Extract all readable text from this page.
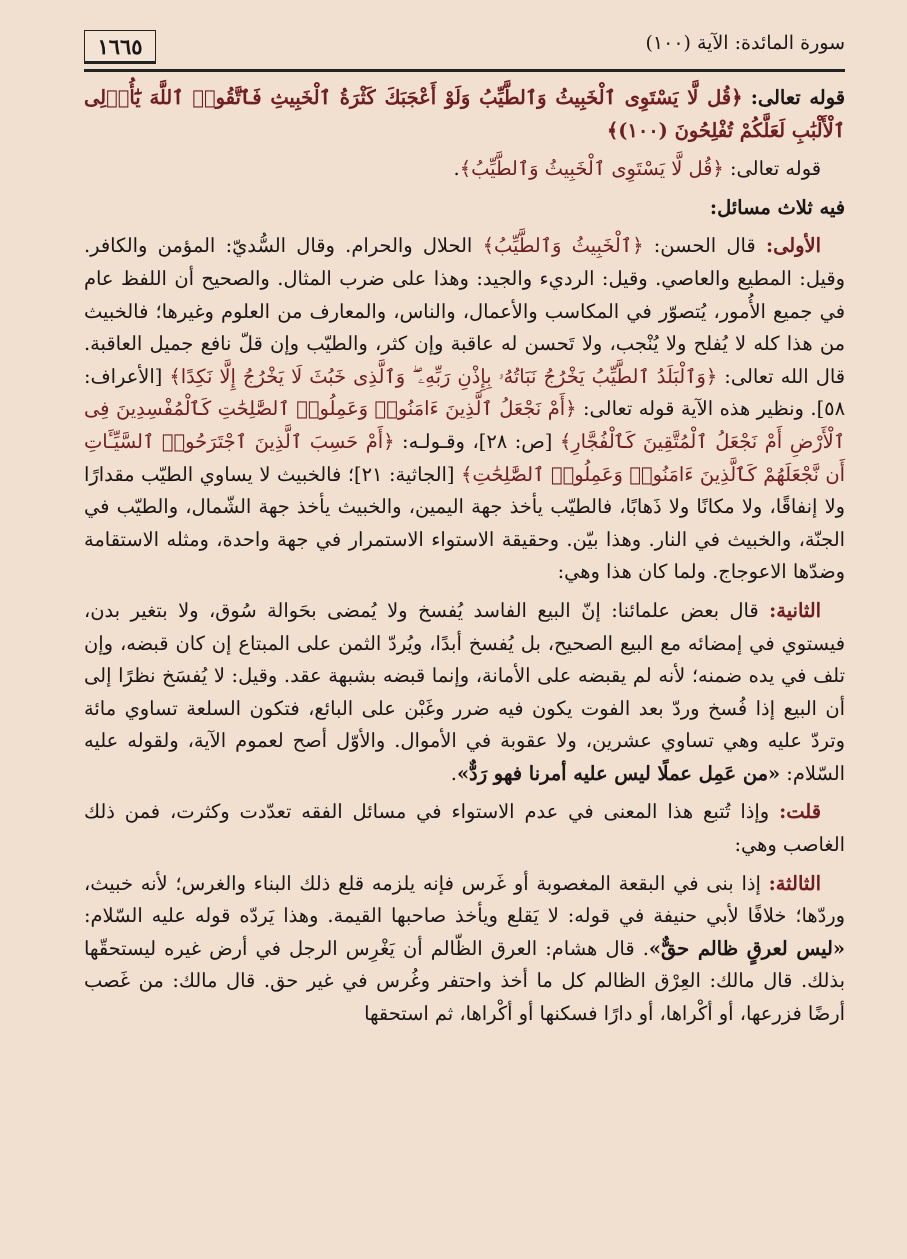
سورة المائدة: الآية (١٠٠)
١٦٦٥

قوله تعالى: ﴿قُل لَّا يَسْتَوِى ٱلْخَبِيثُ وَٱلطَّيِّبُ وَلَوْ أَعْجَبَكَ كَثْرَةُ ٱلْخَبِيثِ فَٱتَّقُوا۟ ٱللَّهَ يَٰٓأُو۟لِى ٱلْأَلْبَٰبِ لَعَلَّكُمْ تُفْلِحُونَ (١٠٠)﴾

قوله تعالى: ﴿قُل لَّا يَسْتَوِى ٱلْخَبِيثُ وَٱلطَّيِّبُ﴾.

فيه ثلاث مسائل:

الأولى: قال الحسن: ﴿ٱلْخَبِيثُ وَٱلطَّيِّبُ﴾ الحلال والحرام. وقال السُّديّ: المؤمن والكافر. وقيل: المطيع والعاصي. وقيل: الرديء والجيد: وهذا على ضرب المثال. والصحيح أن اللفظ عام في جميع الأُمور، يُتصوّر في المكاسب والأعمال، والناس، والمعارف من العلوم وغيرها؛ فالخبيث من هذا كله لا يُفلح ولا يُنْجب، ولا تَحسن له عاقبة وإن كثر، والطيّب وإن قلّ نافع جميل العاقبة. قال الله تعالى: ﴿وَٱلْبَلَدُ ٱلطَّيِّبُ يَخْرُجُ نَبَاتُهُۥ بِإِذْنِ رَبِّهِۦ ۖ وَٱلَّذِى خَبُثَ لَا يَخْرُجُ إِلَّا نَكِدًا﴾ [الأعراف: ٥٨]. ونظير هذه الآية قوله تعالى: ﴿أَمْ نَجْعَلُ ٱلَّذِينَ ءَامَنُوا۟ وَعَمِلُوا۟ ٱلصَّٰلِحَٰتِ كَٱلْمُفْسِدِينَ فِى ٱلْأَرْضِ أَمْ نَجْعَلُ ٱلْمُتَّقِينَ كَٱلْفُجَّارِ﴾ [ص: ٢٨]، وقـولـه: ﴿أَمْ حَسِبَ ٱلَّذِينَ ٱجْتَرَحُوا۟ ٱلسَّيِّـَٔاتِ أَن نَّجْعَلَهُمْ كَٱلَّذِينَ ءَامَنُوا۟ وَعَمِلُوا۟ ٱلصَّٰلِحَٰتِ﴾ [الجاثية: ٢١]؛ فالخبيث لا يساوي الطيّب مقدارًا ولا إنفاقًا، ولا مكانًا ولا ذَهابًا، فالطيّب يأخذ جهة اليمين، والخبيث يأخذ جهة الشّمال، والطيّب في الجنّة، والخبيث في النار. وهذا بيّن. وحقيقة الاستواء الاستمرار في جهة واحدة، ومثله الاستقامة وضدّها الاعوجاج. ولما كان هذا وهي:

الثانية: قال بعض علمائنا: إنّ البيع الفاسد يُفسخ ولا يُمضى بحَوالة سُوق، ولا بتغير بدن، فيستوي في إمضائه مع البيع الصحيح، بل يُفسخ أبدًا، ويُردّ الثمن على المبتاع إن كان قبضه، وإن تلف في يده ضمنه؛ لأنه لم يقبضه على الأمانة، وإنما قبضه بشبهة عقد. وقيل: لا يُفسَخ نظرًا إلى أن البيع إذا فُسخ وردّ بعد الفوت يكون فيه ضرر وغَبْن على البائع، فتكون السلعة تساوي مائة وتردّ عليه وهي تساوي عشرين، ولا عقوبة في الأموال. والأوّل أصح لعموم الآية، ولقوله عليه السّلام: «من عَمِل عملًا ليس عليه أمرنا فهو رَدٌّ».

قلت: وإذا تُتبع هذا المعنى في عدم الاستواء في مسائل الفقه تعدّدت وكثرت، فمن ذلك الغاصب وهي:

الثالثة: إذا بنى في البقعة المغصوبة أو غَرس فإنه يلزمه قلع ذلك البناء والغرس؛ لأنه خبيث، وردّها؛ خلافًا لأبي حنيفة في قوله: لا يَقلع ويأخذ صاحبها القيمة. وهذا يَردّه قوله عليه السّلام: «ليس لعرقٍ ظالم حقٌّ». قال هشام: العرق الظّالم أن يَغْرِس الرجل في أرض غيره ليستحقّها بذلك. قال مالك: العِرْق الظالم كل ما أخذ واحتفر وغُرس في غير حق. قال مالك: من غَصب أرضًا فزرعها، أو أكْراها، أو دارًا فسكنها أو أكْراها، ثم استحقها
